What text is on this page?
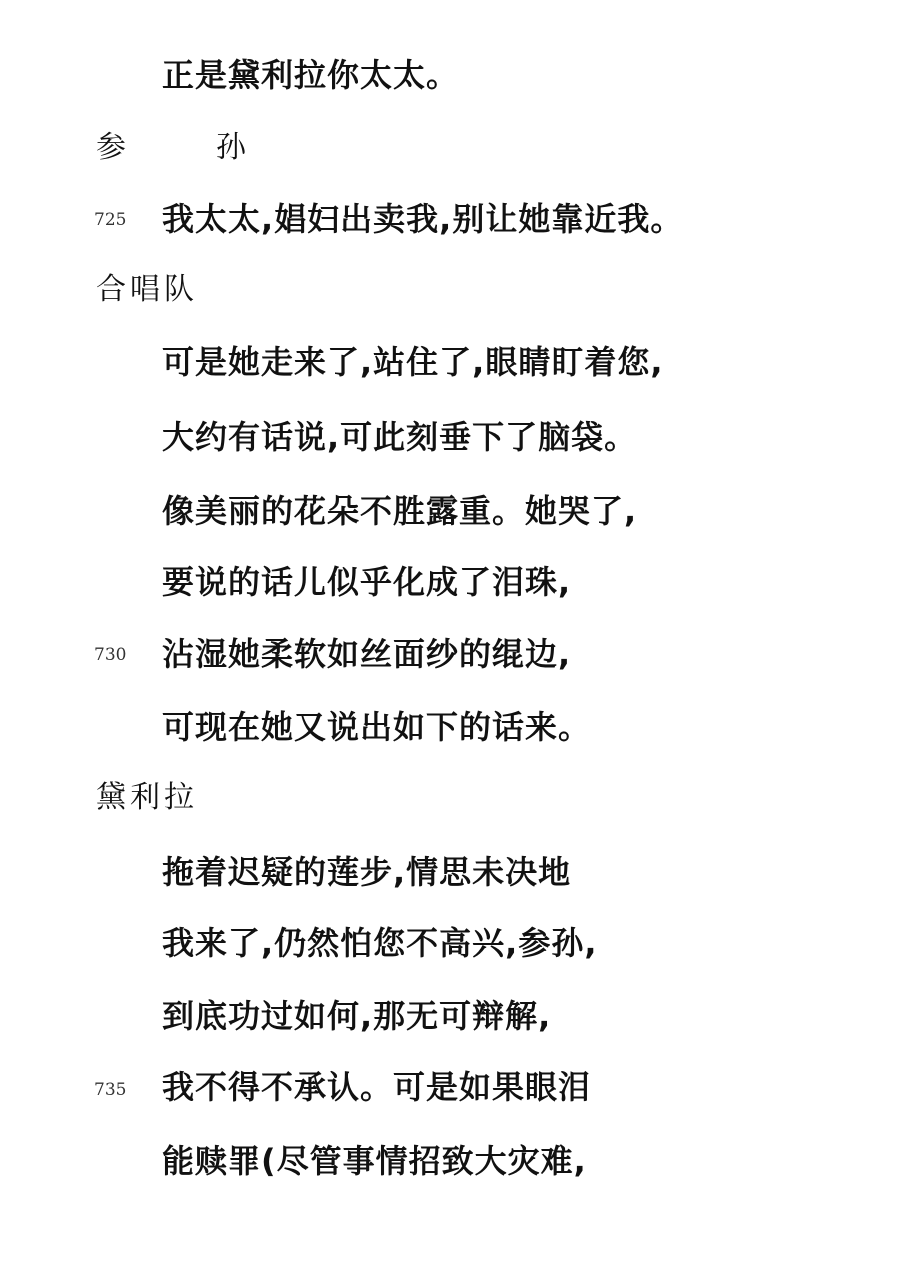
正是黛利拉你太太。
参　孙
725 我太太,娼妇出卖我,别让她靠近我。
合唱队
可是她走来了,站住了,眼睛盯着您,
大约有话说,可此刻垂下了脑袋。
像美丽的花朵不胜露重。她哭了,
要说的话儿似乎化成了泪珠,
730 沾湿她柔软如丝面纱的绲边,
可现在她又说出如下的话来。
黛利拉
拖着迟疑的莲步,情思未决地
我来了,仍然怕您不高兴,参孙,
到底功过如何,那无可辩解,
735 我不得不承认。可是如果眼泪
能赎罪(尽管事情招致大灾难,
